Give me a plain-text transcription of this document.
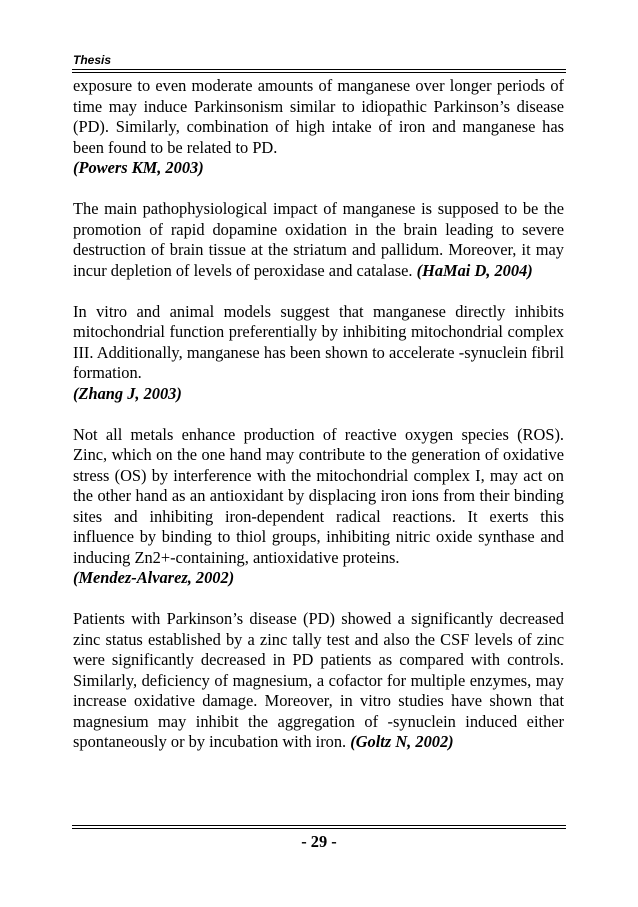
Thesis

exposure to even moderate amounts of manganese over longer periods of time may induce Parkinsonism similar to idiopathic Parkinson’s disease (PD). Similarly, combination of high intake of iron and manganese has been found to be related to PD.

(Powers KM, 2003)

The main pathophysiological impact of manganese is supposed to be the promotion of rapid dopamine oxidation in the brain leading to severe destruction of brain tissue at the striatum and pallidum. Moreover, it may incur depletion of levels of peroxidase and catalase. (HaMai D, 2004)

In vitro and animal models suggest that manganese directly inhibits mitochondrial function preferentially by inhibiting mitochondrial complex III. Additionally, manganese has been shown to accelerate -synuclein fibril formation.

(Zhang J, 2003)

Not all metals enhance production of reactive oxygen species (ROS). Zinc, which on the one hand may contribute to the generation of oxidative stress (OS) by interference with the mitochondrial complex I, may act on the other hand as an antioxidant by displacing iron ions from their binding sites and inhibiting iron-dependent radical reactions. It exerts this influence by binding to thiol groups, inhibiting nitric oxide synthase and inducing Zn2+-containing, antioxidative proteins.

(Mendez-Alvarez, 2002)

Patients with Parkinson’s disease (PD) showed a significantly decreased zinc status established by a zinc tally test and also the CSF levels of zinc were significantly decreased in PD patients as compared with controls. Similarly, deficiency of magnesium, a cofactor for multiple enzymes, may increase oxidative damage. Moreover, in vitro studies have shown that magnesium may inhibit the aggregation of -synuclein induced either spontaneously or by incubation with iron. (Goltz N, 2002)

- 29 -
